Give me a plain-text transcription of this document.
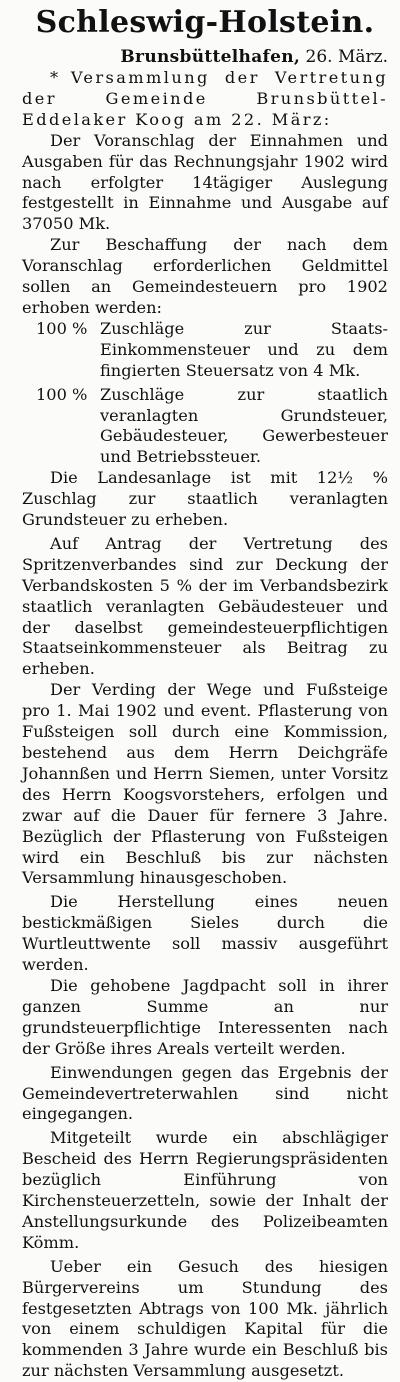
Schleswig-Holstein.

Brunsbüttelhafen, 26. März.

* Versammlung der Vertretung der Gemeinde Brunsbüttel-Eddelaker Koog am 22. März:

Der Voranschlag der Einnahmen und Ausgaben für das Rechnungsjahr 1902 wird nach erfolgter 14tägiger Auslegung festgestellt in Einnahme und Ausgabe auf 37050 Mk.

Zur Beschaffung der nach dem Voranschlag erforderlichen Geldmittel sollen an Gemeindesteuern pro 1902 erhoben werden:

100 % Zuschläge zur Staats-Einkommensteuer und zu dem fingierten Steuersatz von 4 Mk.
100 % Zuschläge zur staatlich veranlagten Grundsteuer, Gebäudesteuer, Gewerbesteuer und Betriebssteuer.

Die Landesanlage ist mit 12½ % Zuschlag zur staatlich veranlagten Grundsteuer zu erheben.

Auf Antrag der Vertretung des Spritzenverbandes sind zur Deckung der Verbandskosten 5 % der im Verbandsbezirk staatlich veranlagten Gebäudesteuer und der daselbst gemeindesteuerpflichtigen Staatseinkommensteuer als Beitrag zu erheben.

Der Verding der Wege und Fußsteige pro 1. Mai 1902 und event. Pflasterung von Fußsteigen soll durch eine Kommission, bestehend aus dem Herrn Deichgräfe Johannßen und Herrn Siemen, unter Vorsitz des Herrn Koogsvorstehers, erfolgen und zwar auf die Dauer für fernere 3 Jahre. Bezüglich der Pflasterung von Fußsteigen wird ein Beschluß bis zur nächsten Versammlung hinausgeschoben.

Die Herstellung eines neuen bestickmäßigen Sieles durch die Wurtleuttwente soll massiv ausgeführt werden.

Die gehobene Jagdpacht soll in ihrer ganzen Summe an nur grundsteuerpflichtige Interessenten nach der Größe ihres Areals verteilt werden.

Einwendungen gegen das Ergebnis der Gemeindevertreterwahlen sind nicht eingegangen.

Mitgeteilt wurde ein abschlägiger Bescheid des Herrn Regierungspräsidenten bezüglich Einführung von Kirchensteuerzetteln, sowie der Inhalt der Anstellungsurkunde des Polizeibeamten Kömm.

Ueber ein Gesuch des hiesigen Bürgervereins um Stundung des festgesetzten Abtrags von 100 Mk. jährlich von einem schuldigen Kapital für die kommenden 3 Jahre wurde ein Beschluß bis zur nächsten Versammlung ausgesetzt.
